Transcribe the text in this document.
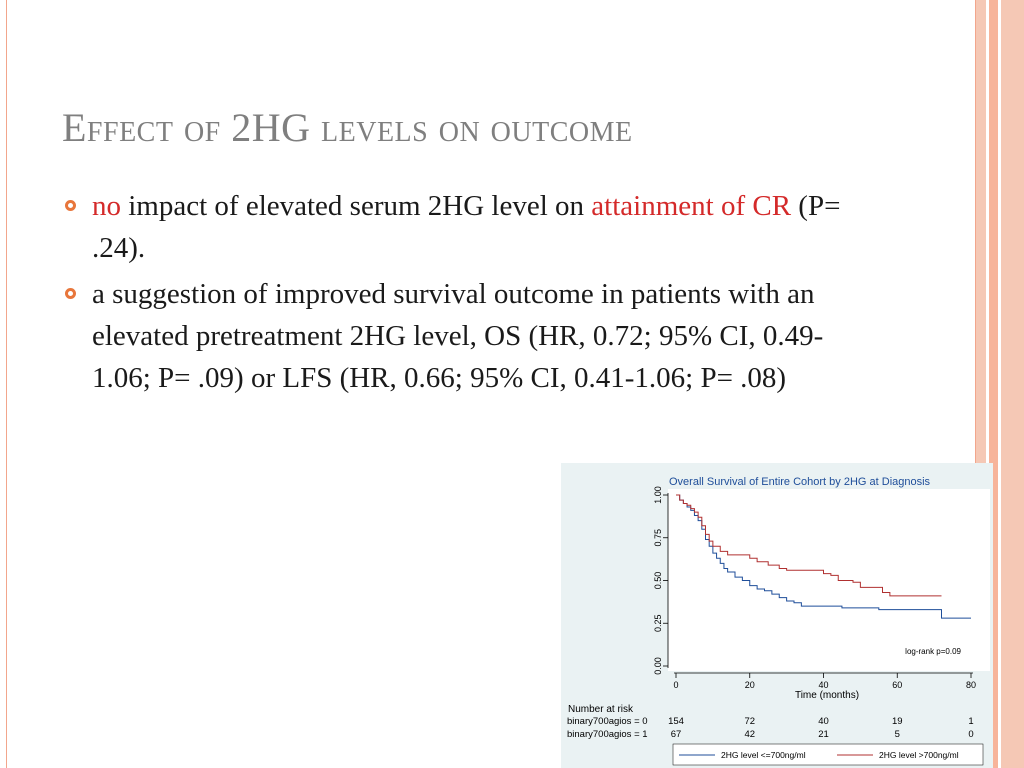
Effect of 2HG levels on outcome
no impact of elevated serum 2HG level on attainment of CR (P= .24).
a suggestion of improved survival outcome in patients with an elevated pretreatment 2HG level, OS (HR, 0.72; 95% CI, 0.49-1.06; P= .09) or LFS (HR, 0.66; 95% CI, 0.41-1.06; P= .08)
Overall Survival of Entire Cohort by 2HG at Diagnosis
0.00
0.25
0.50
0.75
1.00
0	20	40	60	80
Time (months)
log-rank p=0.09
Number at risk
binary700agios = 0 154	72	40	19	1
binary700agios = 1 67	42	21	5	0
2HG level <=700ng/ml	2HG level >700ng/ml
